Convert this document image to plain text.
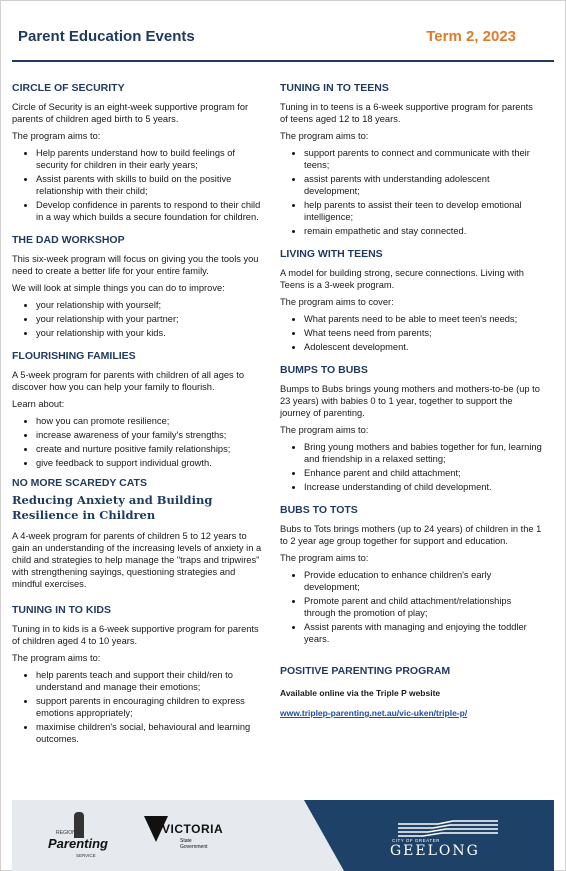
Parent Education Events	Term 2, 2023
CIRCLE OF SECURITY

Circle of Security is an eight-week supportive program for parents of children aged birth to 5 years.

The program aims to:

• Help parents understand how to build feelings of security for children in their early years;
• Assist parents with skills to build on the positive relationship with their child;
• Develop confidence in parents to respond to their child in a way which builds a secure foundation for children.
THE DAD WORKSHOP

This six-week program will focus on giving you the tools you need to create a better life for your entire family.

We will look at simple things you can do to improve:

• your relationship with yourself;
• your relationship with your partner;
• your relationship with your kids.
FLOURISHING FAMILIES

A 5-week program for parents with children of all ages to discover how you can help your family to flourish.

Learn about:

• how you can promote resilience;
• increase awareness of your family's strengths;
• create and nurture positive family relationships;
• give feedback to support individual growth.
NO MORE SCAREDY CATS
Reducing Anxiety and Building Resilience in Children

A 4-week program for parents of children 5 to 12 years to gain an understanding of the increasing levels of anxiety in a child and strategies to help manage the "traps and tripwires" with strengthening sayings, questioning strategies and mindful exercises.

TUNING IN TO KIDS

Tuning in to kids is a 6-week supportive program for parents of children aged 4 to 10 years.

The program aims to:

• help parents teach and support their child/ren to understand and manage their emotions;
• support parents in encouraging children to express emotions appropriately;
• maximise children's social, behavioural and learning outcomes.
TUNING IN TO TEENS

Tuning in to teens is a 6-week supportive program for parents of teens aged 12 to 18 years.

The program aims to:

• support parents to connect and communicate with their teens;
• assist parents with understanding adolescent development;
• help parents to assist their teen to develop emotional intelligence;
• remain empathetic and stay connected.
LIVING WITH TEENS

A model for building strong, secure connections. Living with Teens is a 3-week program.

The program aims to cover:

• What parents need to be able to meet teen's needs;
• What teens need from parents;
• Adolescent development.
BUMPS TO BUBS

Bumps to Bubs brings young mothers and mothers-to-be (up to 23 years) with babies 0 to 1 year, together to support the journey of parenting.

The program aims to:

• Bring young mothers and babies together for fun, learning and friendship in a relaxed setting;
• Enhance parent and child attachment;
• Increase understanding of child development.
BUBS TO TOTS

Bubs to Tots brings mothers (up to 24 years) of children in the 1 to 2 year age group together for support and education.

The program aims to:

• Provide education to enhance children's early development;
• Promote parent and child attachment/relationships through the promotion of play;
• Assist parents with managing and enjoying the toddler years.
POSITIVE PARENTING PROGRAM
Available online via the Triple P website
www.triplep-parenting.net.au/vic-uken/triple-p/
REGIONAL
Parenting
SERVICE
VICTORIA
State
Government
CITY OF GREATER
GEELONG
